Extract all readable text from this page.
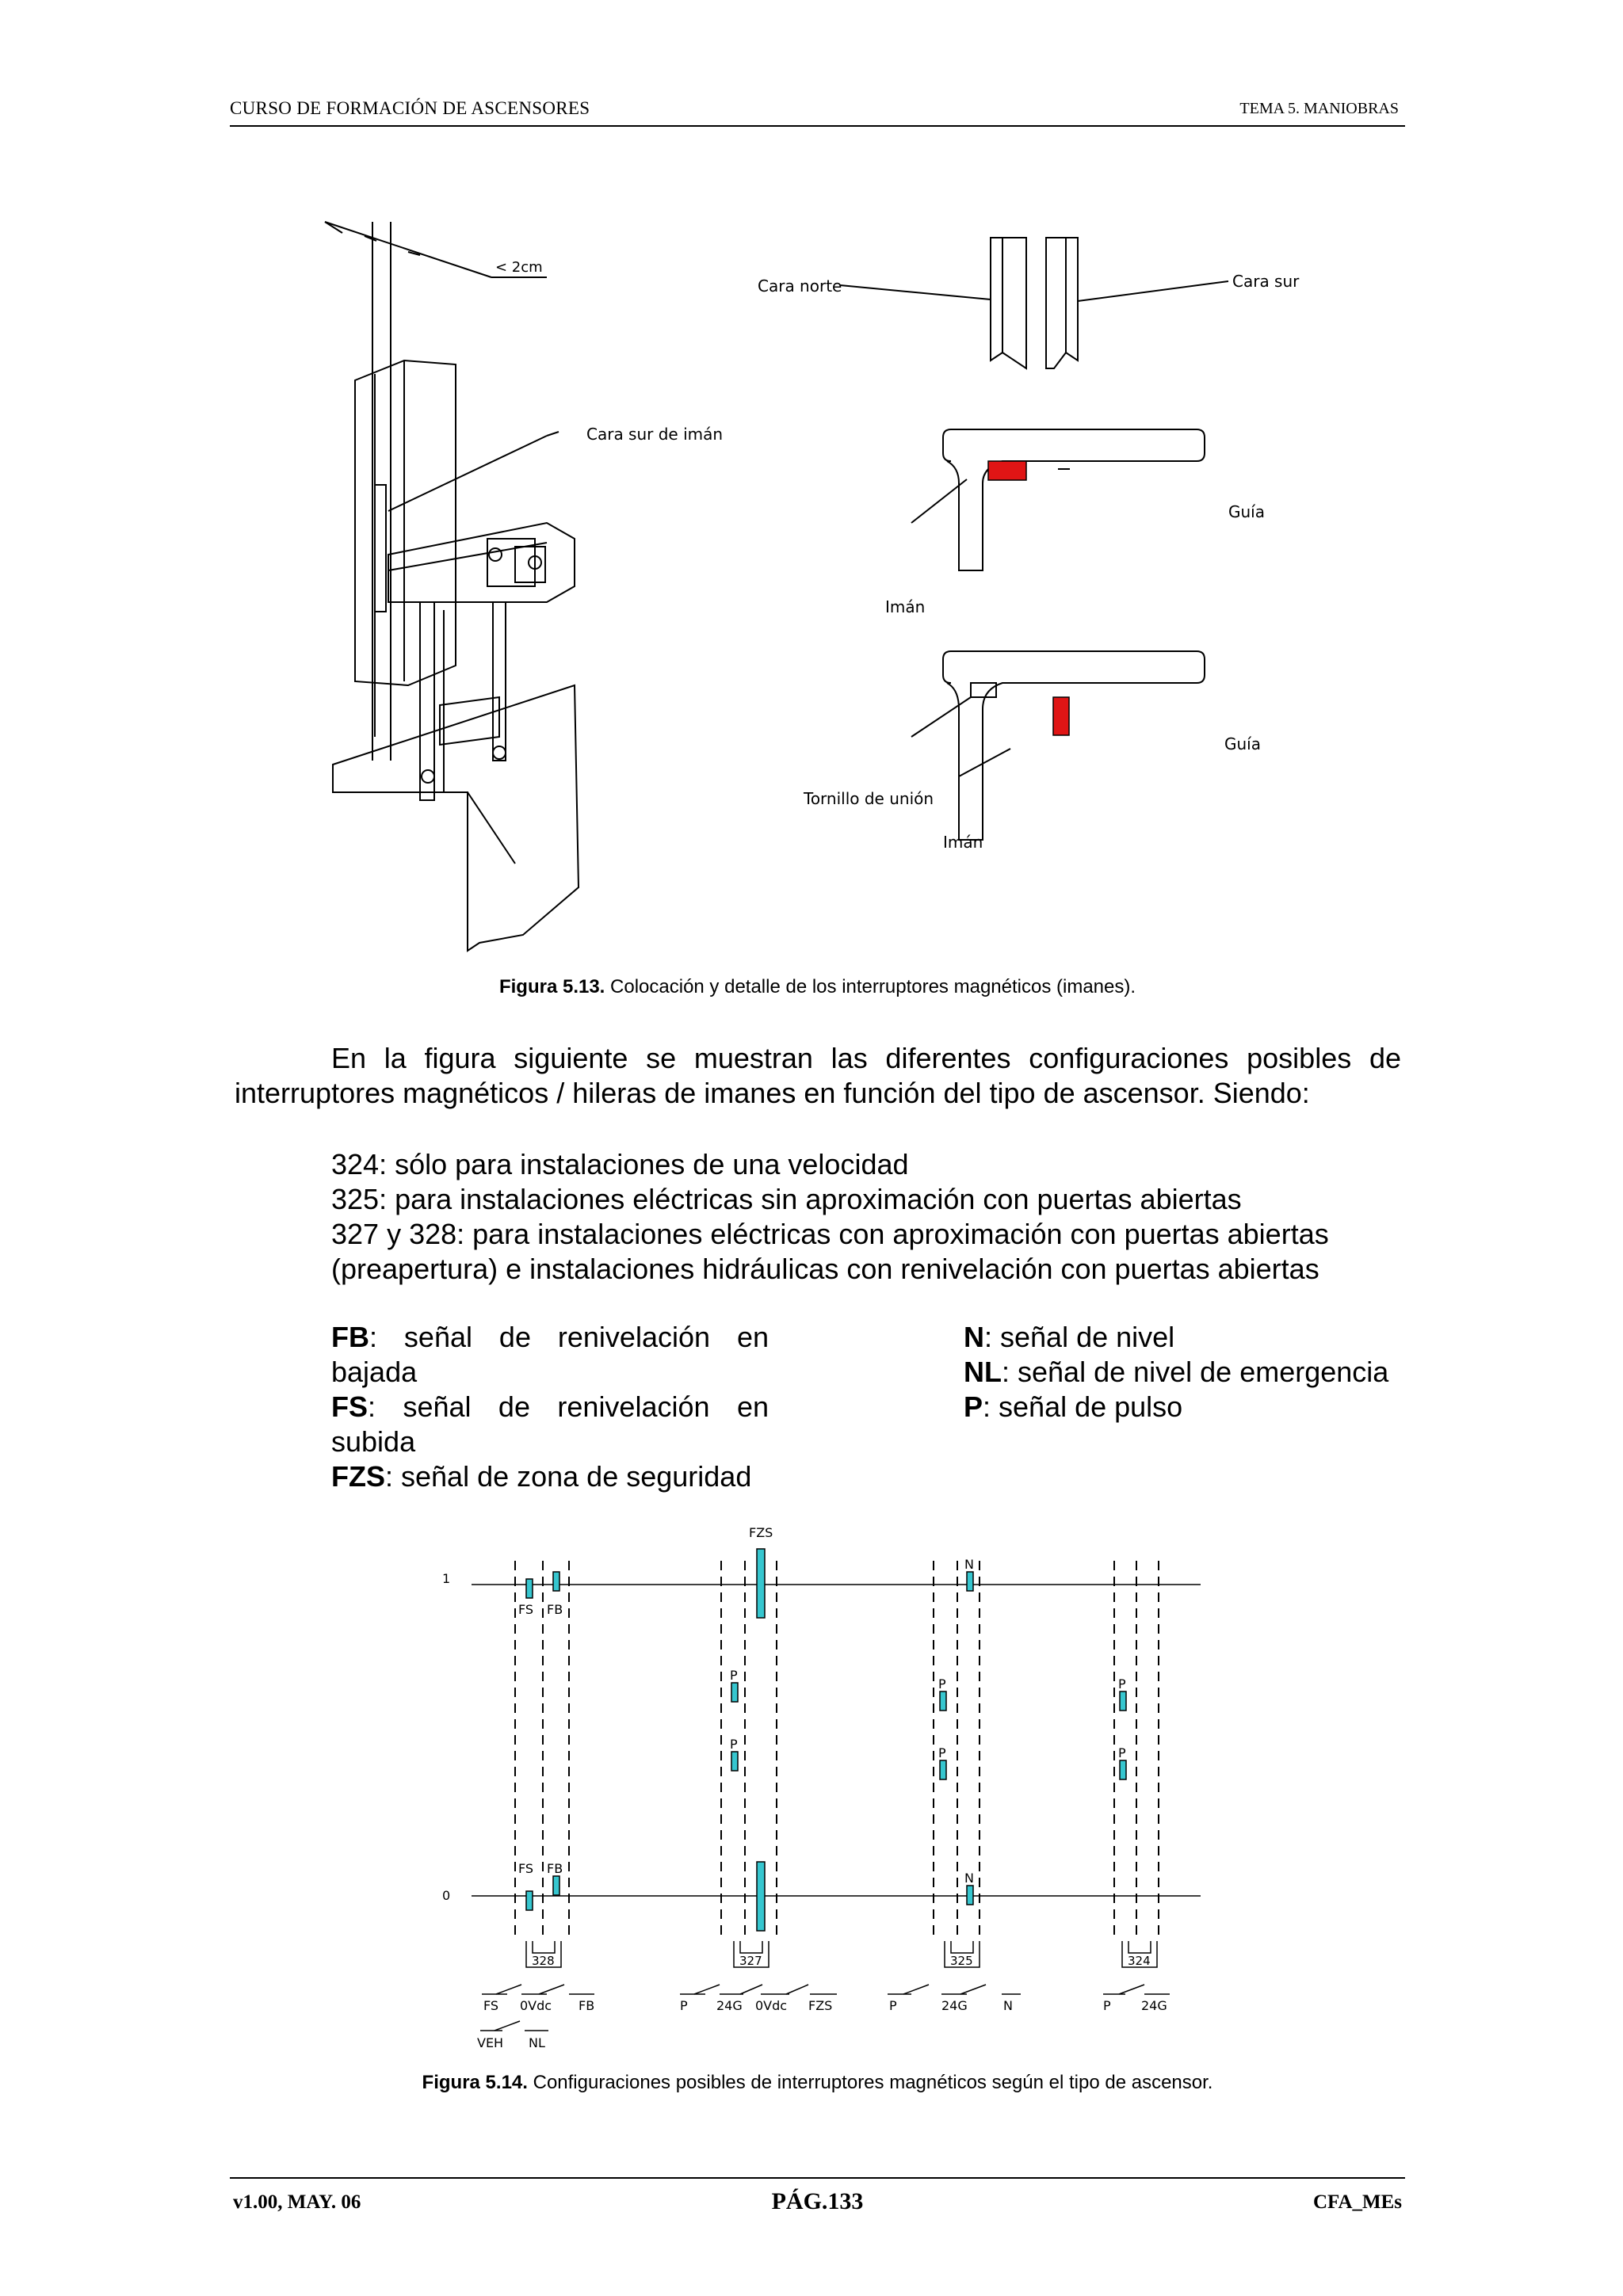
CURSO DE FORMACIÓN DE ASCENSORES	TEMA 5. MANIOBRAS
< 2cm
Cara norte	Cara sur
Cara sur de imán
Guía
Imán
Guía
Tornillo de unión
Imán
Figura 5.13. Colocación y detalle de los interruptores magnéticos (imanes).
En la figura siguiente se muestran las diferentes configuraciones posibles de interruptores magnéticos / hileras de imanes en función del tipo de ascensor. Siendo:
324: sólo para instalaciones de una velocidad
325: para instalaciones eléctricas sin aproximación con puertas abiertas
327 y 328: para instalaciones eléctricas con aproximación con puertas abiertas
(preapertura) e instalaciones hidráulicas con renivelación con puertas abiertas
FB: señal de renivelación en bajada
FS: señal de renivelación en subida
FZS: señal de zona de seguridad
N: señal de nivel
NL: señal de nivel de emergencia
P: señal de pulso
1
0
FZS
FS FB
FS FB
P
P
N
N
P
P
P
P
328	327	325	324
FS 0Vdc FB
VEH NL
P 24G 0Vdc FZS	P	24G	N	P 24G
Figura 5.14. Configuraciones posibles de interruptores magnéticos según el tipo de ascensor.
v1.00, MAY. 06	PÁG.133	CFA_MEs
